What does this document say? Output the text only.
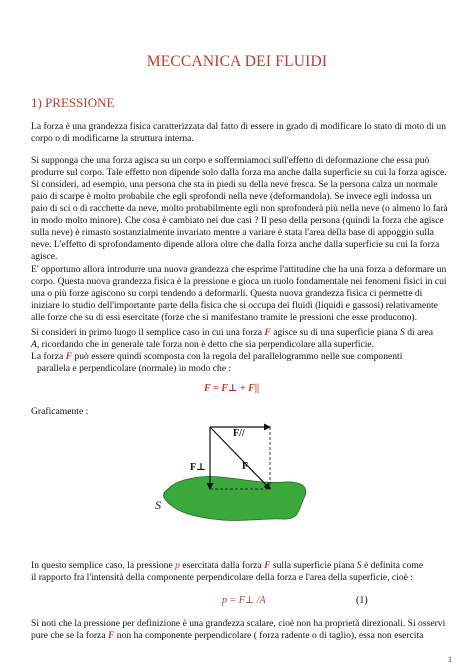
MECCANICA DEI FLUIDI
1) PRESSIONE
La forza è una grandezza fisica caratterizzata dal fatto di essere in grado di modificare lo stato di moto di un
corpo o di modificarne la struttura interna.
Si supponga che una forza agisca su un corpo e soffermiamoci sull'effetto di deformazione che essa può
produrre sul corpo. Tale effetto non dipende solo dalla forza ma anche dalla superficie su cui la forza agisce.
Si consideri, ad esempio, una persona che sta in piedi su della neve fresca. Se la persona calza un normale
paio di scarpe è molto probabile che egli sprofondi nella neve (deformandola). Se invece egli indossa un
paio di sci o di racchette da neve, molto probabilmente egli non sprofonderà più nella neve (o almeno lo farà
in modo molto minore). Che cosa è cambiato nei due casi ? Il peso della persona (quindi la forza che agisce
sulla neve) è rimasto sostanzialmente invariato mentre a variare è stata l'area della base di appoggio sulla
neve. L'effetto di sprofondamento dipende allora oltre che dalla forza anche dalla superficie su cui la forza
agisce.
E' opportuno allora introdurre una nuova grandezza che esprime l'attitudine che ha una forza a deformare un
corpo. Questa nuova grandezza fisica è la pressione e gioca un ruolo fondamentale nei fenomeni fisici in cui
una o più forze agiscono su corpi tendendo a deformarli. Questa nuova grandezza fisica ci permette di
iniziare lo studio dell'importante parte della fisica che si occupa dei fluidi (liquidi e gassosi) relativamente
alle forze che su di essi esercitate (forze che si manifestano tramite le pressioni che esse producono).
Si consideri in primo luogo il semplice caso in cui una forza F agisce su di una superficie piana S di area
A, ricordando che in generale tale forza non è detto che sia perpendicolare alla superficie.
La forza F può essere quindi scomposta con la regola del parallelogrammo nelle sue componenti
parallela e perpendicolare (normale) in modo che :
F = F⊥ + F||
Graficamente :
F//
F⊥	F
S
In questo semplice caso, la pressione p esercitata dalla forza F sulla superficie piana S è definita come
il rapporto fra l'intensità della componente perpendicolare della forza e l'area della superficie, cioè :
p = F⊥ /A	(1)
Si noti che la pressione per definizione è una grandezza scalare, cioè non ha proprietà direzionali. Si osservi
pure che se la forza F non ha componente perpendicolare ( forza radente o di taglio), essa non esercita
1
